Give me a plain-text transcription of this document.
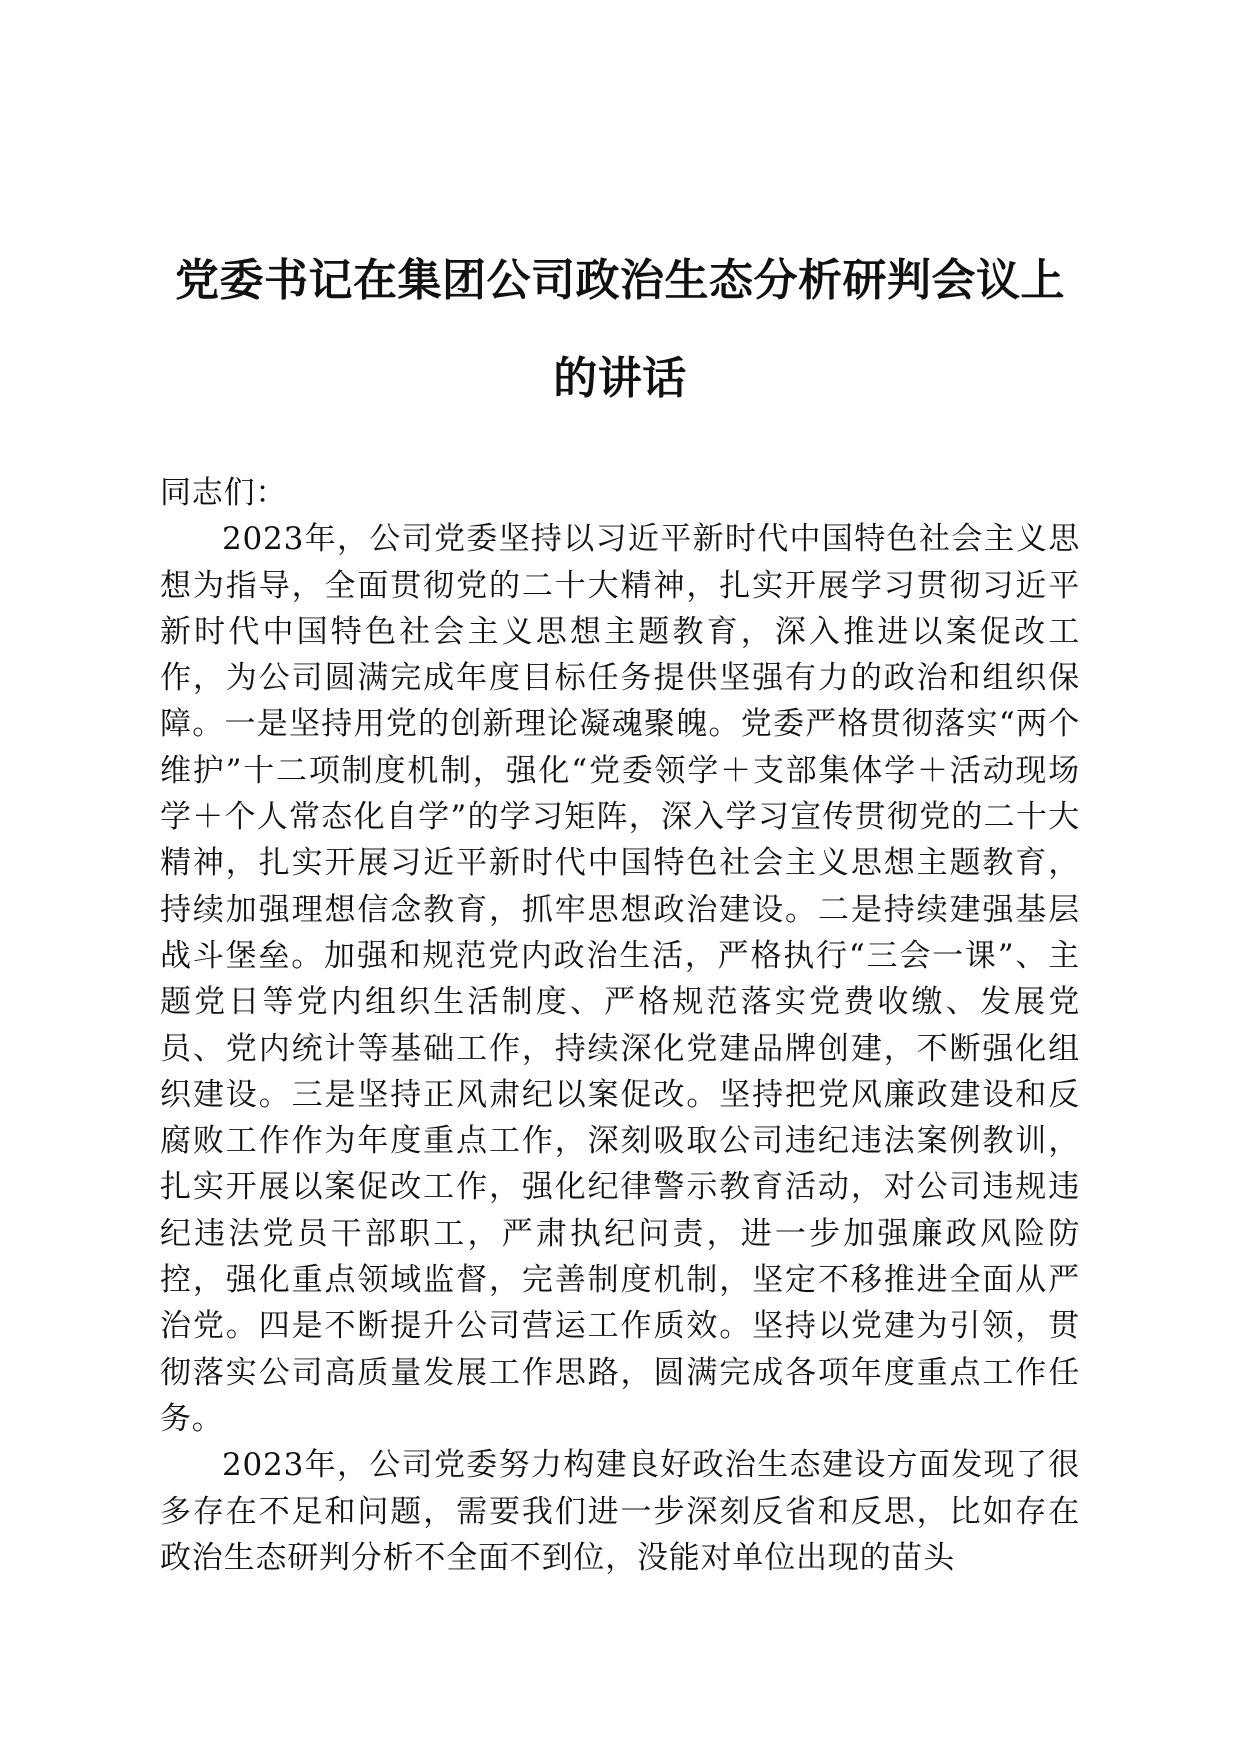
党委书记在集团公司政治生态分析研判会议上
的讲话

同志们：

2023年，公司党委坚持以习近平新时代中国特色社会主义思想为指导，全面贯彻党的二十大精神，扎实开展学习贯彻习近平新时代中国特色社会主义思想主题教育，深入推进以案促改工作，为公司圆满完成年度目标任务提供坚强有力的政治和组织保障。一是坚持用党的创新理论凝魂聚魄。党委严格贯彻落实“两个维护”十二项制度机制，强化“党委领学＋支部集体学＋活动现场学＋个人常态化自学”的学习矩阵，深入学习宣传贯彻党的二十大精神，扎实开展习近平新时代中国特色社会主义思想主题教育，持续加强理想信念教育，抓牢思想政治建设。二是持续建强基层战斗堡垒。加强和规范党内政治生活，严格执行“三会一课”、主题党日等党内组织生活制度、严格规范落实党费收缴、发展党员、党内统计等基础工作，持续深化党建品牌创建，不断强化组织建设。三是坚持正风肃纪以案促改。坚持把党风廉政建设和反腐败工作作为年度重点工作，深刻吸取公司违纪违法案例教训，扎实开展以案促改工作，强化纪律警示教育活动，对公司违规违纪违法党员干部职工，严肃执纪问责，进一步加强廉政风险防控，强化重点领域监督，完善制度机制，坚定不移推进全面从严治党。四是不断提升公司营运工作质效。坚持以党建为引领，贯彻落实公司高质量发展工作思路，圆满完成各项年度重点工作任务。

2023年，公司党委努力构建良好政治生态建设方面发现了很多存在不足和问题，需要我们进一步深刻反省和反思，比如存在政治生态研判分析不全面不到位，没能对单位出现的苗头
